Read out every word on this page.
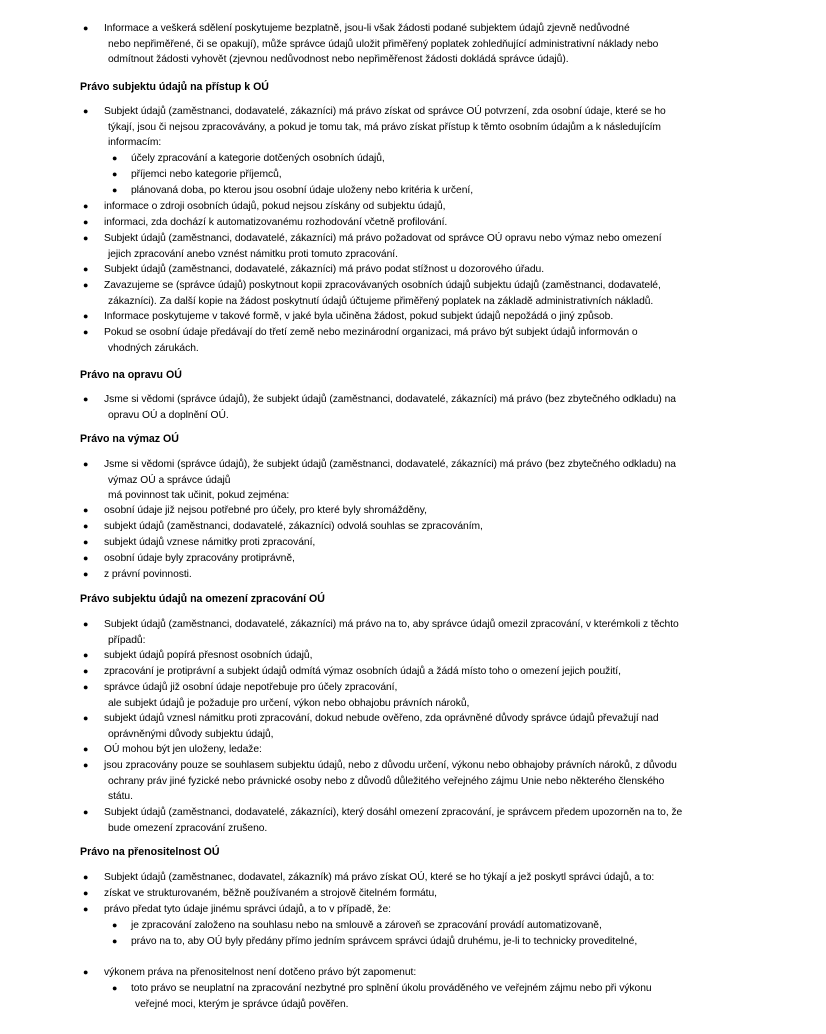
● Informace a veškerá sdělení poskytujeme bezplatně, jsou-li však žádosti podané subjektem údajů zjevně nedůvodné
nebo nepřiměřené, či se opakují), může správce údajů uložit přiměřený poplatek zohledňující administrativní náklady nebo
odmítnout žádosti vyhovět (zjevnou nedůvodnost nebo nepřiměřenost žádosti dokládá správce údajů).
Právo subjektu údajů na přístup k OÚ
● Subjekt údajů (zaměstnanci, dodavatelé, zákazníci) má právo získat od správce OÚ potvrzení, zda osobní údaje, které se ho
týkají, jsou či nejsou zpracovávány, a pokud je tomu tak, má právo získat přístup k těmto osobním údajům a k následujícím
informacím:
● účely zpracování a kategorie dotčených osobních údajů,
● příjemci nebo kategorie příjemců,
● plánovaná doba, po kterou jsou osobní údaje uloženy nebo kritéria k určení,
● informace o zdroji osobních údajů, pokud nejsou získány od subjektu údajů,
● informaci, zda dochází k automatizovanému rozhodování včetně profilování.
● Subjekt údajů (zaměstnanci, dodavatelé, zákazníci) má právo požadovat od správce OÚ opravu nebo výmaz nebo omezení
jejich zpracování anebo vznést námitku proti tomuto zpracování.
● Subjekt údajů (zaměstnanci, dodavatelé, zákazníci) má právo podat stížnost u dozorového úřadu.
● Zavazujeme se (správce údajů) poskytnout kopii zpracovávaných osobních údajů subjektu údajů (zaměstnanci, dodavatelé,
zákazníci). Za další kopie na žádost poskytnutí údajů účtujeme přiměřený poplatek na základě administrativních nákladů.
● Informace poskytujeme v takové formě, v jaké byla učiněna žádost, pokud subjekt údajů nepožádá o jiný způsob.
● Pokud se osobní údaje předávají do třetí země nebo mezinárodní organizaci, má právo být subjekt údajů informován o
vhodných zárukách.
Právo na opravu OÚ
● Jsme si vědomi (správce údajů), že subjekt údajů (zaměstnanci, dodavatelé, zákazníci) má právo (bez zbytečného odkladu) na
opravu OÚ a doplnění OÚ.
Právo na výmaz OÚ
● Jsme si vědomi (správce údajů), že subjekt údajů (zaměstnanci, dodavatelé, zákazníci) má právo (bez zbytečného odkladu) na
výmaz OÚ a správce údajů
má povinnost tak učinit, pokud zejména:
● osobní údaje již nejsou potřebné pro účely, pro které byly shromážděny,
● subjekt údajů (zaměstnanci, dodavatelé, zákazníci) odvolá souhlas se zpracováním,
● subjekt údajů vznese námitky proti zpracování,
● osobní údaje byly zpracovány protiprávně,
● z právní povinnosti.
Právo subjektu údajů na omezení zpracování OÚ
● Subjekt údajů (zaměstnanci, dodavatelé, zákazníci) má právo na to, aby správce údajů omezil zpracování, v kterémkoli z těchto
případů:
● subjekt údajů popírá přesnost osobních údajů,
● zpracování je protiprávní a subjekt údajů odmítá výmaz osobních údajů a žádá místo toho o omezení jejich použití,
● správce údajů již osobní údaje nepotřebuje pro účely zpracování,
ale subjekt údajů je požaduje pro určení, výkon nebo obhajobu právních nároků,
● subjekt údajů vznesl námitku proti zpracování, dokud nebude ověřeno, zda oprávněné důvody správce údajů převažují nad
oprávněnými důvody subjektu údajů,
● OÚ mohou být jen uloženy, ledaže:
● jsou zpracovány pouze se souhlasem subjektu údajů, nebo z důvodu určení, výkonu nebo obhajoby právních nároků, z důvodu
ochrany práv jiné fyzické nebo právnické osoby nebo z důvodů důležitého veřejného zájmu Unie nebo některého členského
státu.
● Subjekt údajů (zaměstnanci, dodavatelé, zákazníci), který dosáhl omezení zpracování, je správcem předem upozorněn na to, že
bude omezení zpracování zrušeno.
Právo na přenositelnost OÚ
● Subjekt údajů (zaměstnanec, dodavatel, zákazník) má právo získat OÚ, které se ho týkají a jež poskytl správci údajů, a to:
● získat ve strukturovaném, běžně používaném a strojově čitelném formátu,
● právo předat tyto údaje jinému správci údajů, a to v případě, že:
● je zpracování založeno na souhlasu nebo na smlouvě a zároveň se zpracování provádí automatizovaně,
● právo na to, aby OÚ byly předány přímo jedním správcem správci údajů druhému, je-li to technicky proveditelné,
● výkonem práva na přenositelnost není dotčeno právo být zapomenut:
● toto právo se neuplatní na zpracování nezbytné pro splnění úkolu prováděného ve veřejném zájmu nebo při výkonu
veřejné moci, kterým je správce údajů pověřen.
